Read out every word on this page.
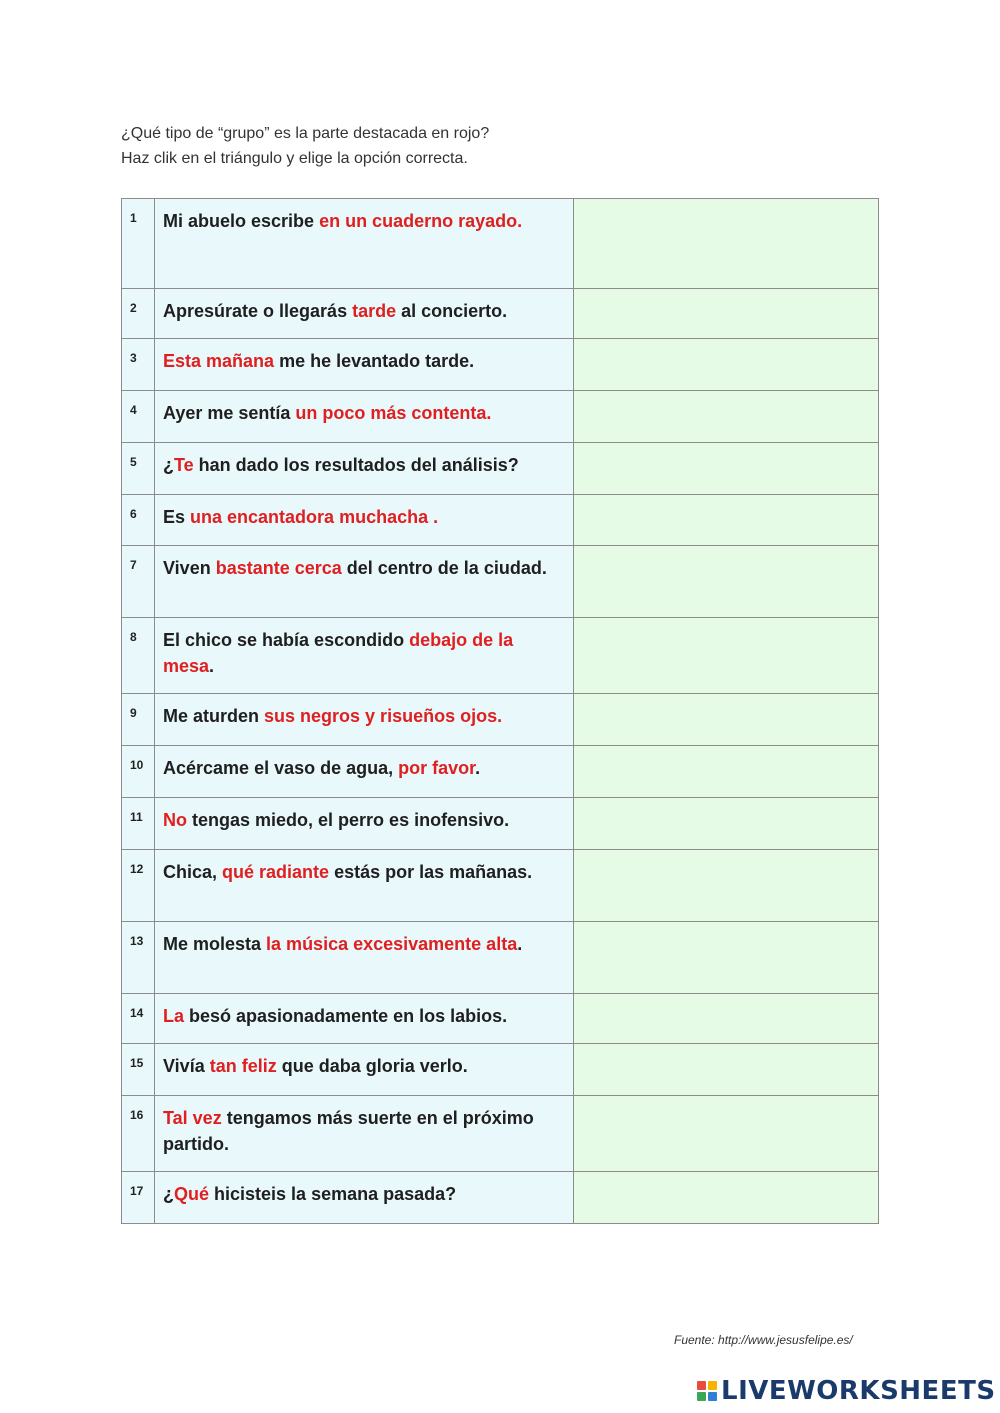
¿Qué tipo de “grupo” es la parte destacada en rojo?
Haz clik en el triángulo y elige la opción correcta.
1	Mi abuelo escribe en un cuaderno rayado.	

2	Apresúrate o llegarás tarde al concierto.	

3	Esta mañana me he levantado tarde.	

4	Ayer me sentía un poco más contenta.	

5	¿Te han dado los resultados del análisis?	

6	Es una encantadora muchacha .	

7	Viven bastante cerca del centro de la ciudad.	

8	El chico se había escondido debajo de la mesa.	

9	Me aturden sus negros y risueños ojos.	

10	Acércame el vaso de agua, por favor.	

11	No tengas miedo, el perro es inofensivo.	

12	Chica, qué radiante estás por las mañanas.	

13	Me molesta la música excesivamente alta.	

14	La besó apasionadamente en los labios.	

15	Vivía tan feliz que daba gloria verlo.	

16	Tal vez tengamos más suerte en el próximo partido.	

17	¿Qué hicisteis la semana pasada?	
Fuente: http://www.jesusfelipe.es/
LIVEWORKSHEETS
